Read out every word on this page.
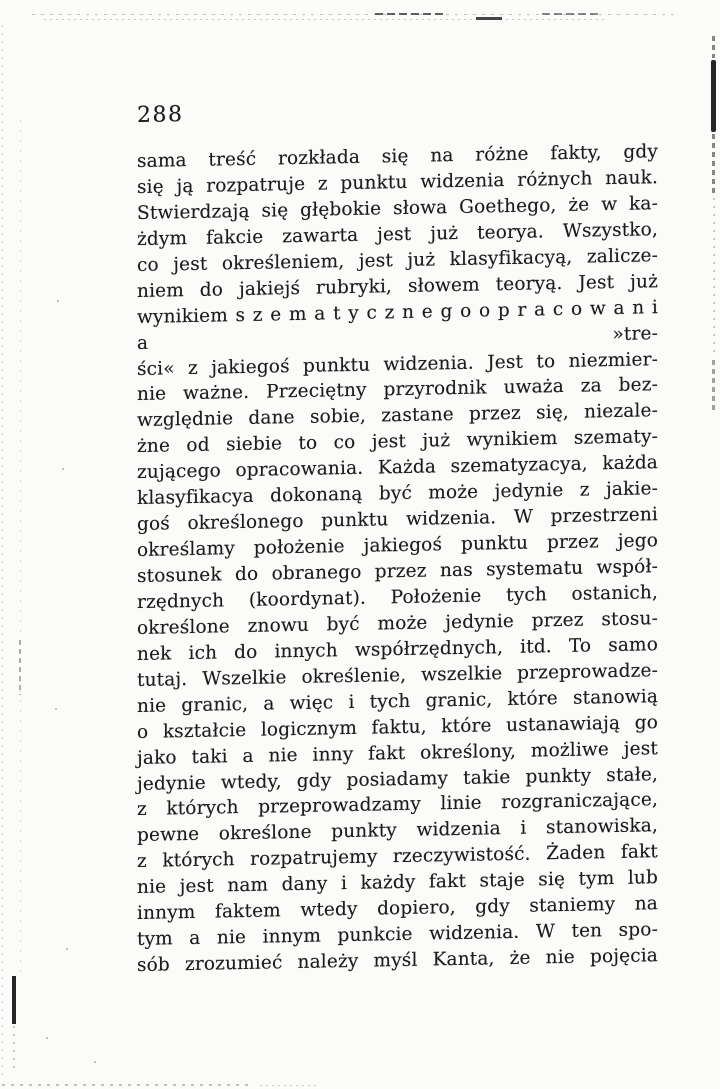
288
sama treść rozkłada się na różne fakty, gdy
się ją rozpatruje z punktu widzenia różnych nauk.
Stwierdzają się głębokie słowa Goethego, że w ka-
żdym fakcie zawarta jest już teorya. Wszystko,
co jest określeniem, jest już klasyfikacyą, zalicze-
niem do jakiejś rubryki, słowem teoryą. Jest już
wynikiem s z e m a t y c z n e g o o p r a c o w a n i a »tre-
ści« z jakiegoś punktu widzenia. Jest to niezmier-
nie ważne. Przeciętny przyrodnik uważa za bez-
względnie dane sobie, zastane przez się, niezale-
żne od siebie to co jest już wynikiem szematy-
zującego opracowania. Każda szematyzacya, każda
klasyfikacya dokonaną być może jedynie z jakie-
goś określonego punktu widzenia. W przestrzeni
określamy położenie jakiegoś punktu przez jego
stosunek do obranego przez nas systematu współ-
rzędnych (koordynat). Położenie tych ostanich,
określone znowu być może jedynie przez stosu-
nek ich do innych współrzędnych, itd. To samo
tutaj. Wszelkie określenie, wszelkie przeprowadze-
nie granic, a więc i tych granic, które stanowią
o kształcie logicznym faktu, które ustanawiają go
jako taki a nie inny fakt określony, możliwe jest
jedynie wtedy, gdy posiadamy takie punkty stałe,
z których przeprowadzamy linie rozgraniczające,
pewne określone punkty widzenia i stanowiska,
z których rozpatrujemy rzeczywistość. Żaden fakt
nie jest nam dany i każdy fakt staje się tym lub
innym faktem wtedy dopiero, gdy staniemy na
tym a nie innym punkcie widzenia. W ten spo-
sób zrozumieć należy myśl Kanta, że nie pojęcia
